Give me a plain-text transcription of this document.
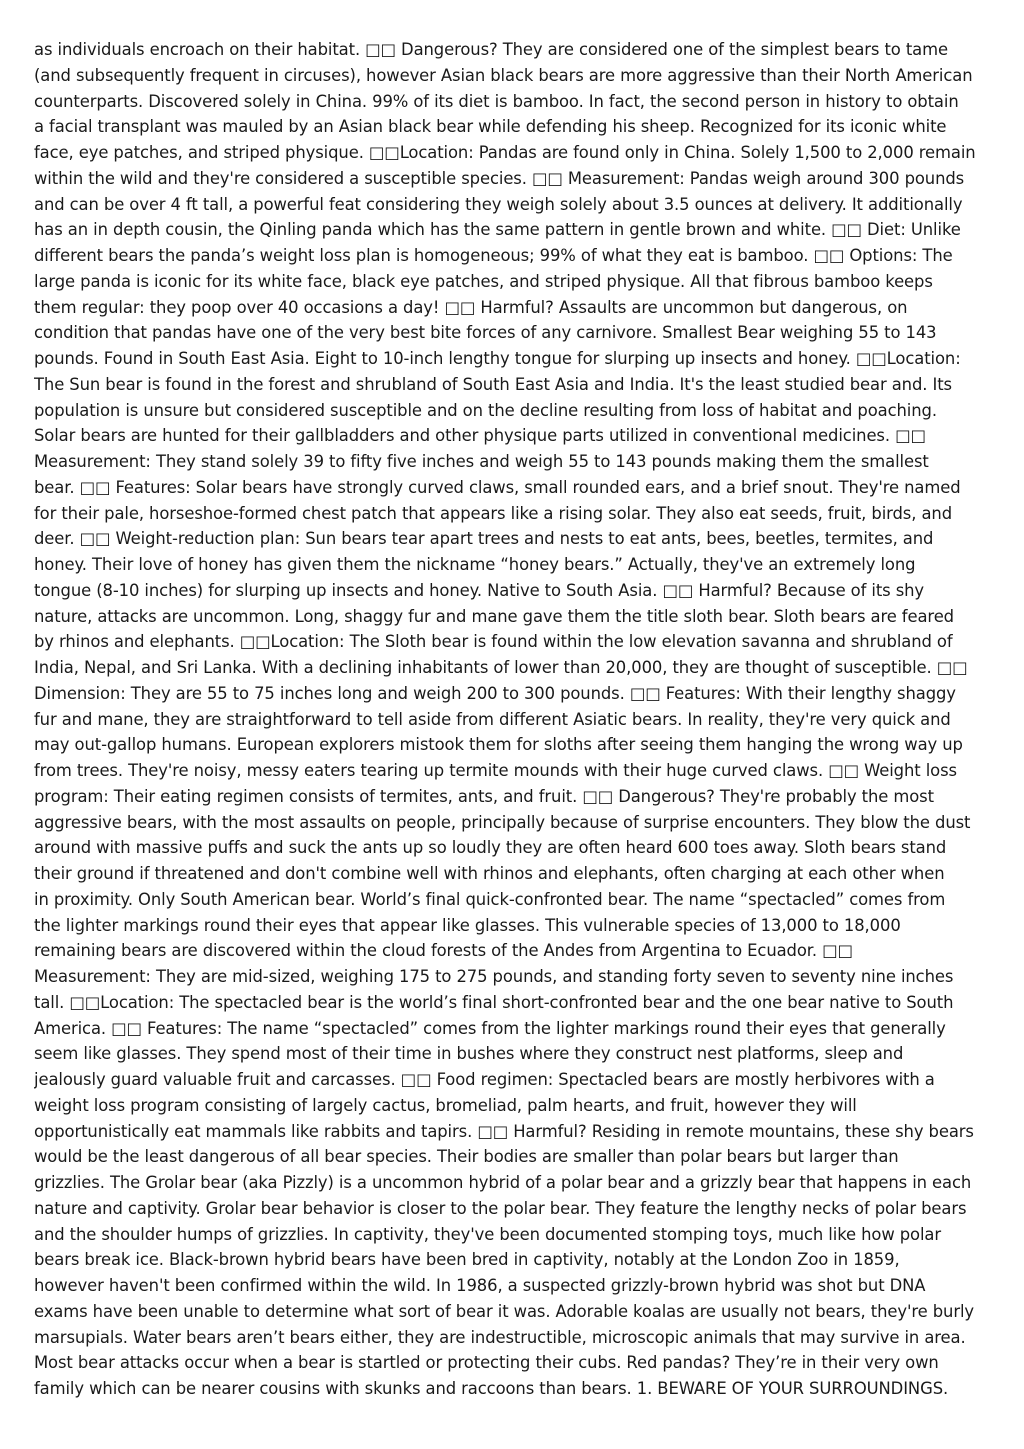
as individuals encroach on their habitat. □□ Dangerous? They are considered one of the simplest bears to tame
(and subsequently frequent in circuses), however Asian black bears are more aggressive than their North American
counterparts. Discovered solely in China. 99% of its diet is bamboo. In fact, the second person in history to obtain
a facial transplant was mauled by an Asian black bear while defending his sheep. Recognized for its iconic white
face, eye patches, and striped physique. □□Location: Pandas are found only in China. Solely 1,500 to 2,000 remain
within the wild and they're considered a susceptible species. □□ Measurement: Pandas weigh around 300 pounds
and can be over 4 ft tall, a powerful feat considering they weigh solely about 3.5 ounces at delivery. It additionally
has an in depth cousin, the Qinling panda which has the same pattern in gentle brown and white. □□ Diet: Unlike
different bears the panda’s weight loss plan is homogeneous; 99% of what they eat is bamboo. □□ Options: The
large panda is iconic for its white face, black eye patches, and striped physique. All that fibrous bamboo keeps
them regular: they poop over 40 occasions a day! □□ Harmful? Assaults are uncommon but dangerous, on
condition that pandas have one of the very best bite forces of any carnivore. Smallest Bear weighing 55 to 143
pounds. Found in South East Asia. Eight to 10-inch lengthy tongue for slurping up insects and honey. □□Location:
The Sun bear is found in the forest and shrubland of South East Asia and India. It's the least studied bear and. Its
population is unsure but considered susceptible and on the decline resulting from loss of habitat and poaching.
Solar bears are hunted for their gallbladders and other physique parts utilized in conventional medicines. □□
Measurement: They stand solely 39 to fifty five inches and weigh 55 to 143 pounds making them the smallest
bear. □□ Features: Solar bears have strongly curved claws, small rounded ears, and a brief snout. They're named
for their pale, horseshoe-formed chest patch that appears like a rising solar. They also eat seeds, fruit, birds, and
deer. □□ Weight-reduction plan: Sun bears tear apart trees and nests to eat ants, bees, beetles, termites, and
honey. Their love of honey has given them the nickname “honey bears.” Actually, they've an extremely long
tongue (8-10 inches) for slurping up insects and honey. Native to South Asia. □□ Harmful? Because of its shy
nature, attacks are uncommon. Long, shaggy fur and mane gave them the title sloth bear. Sloth bears are feared
by rhinos and elephants. □□Location: The Sloth bear is found within the low elevation savanna and shrubland of
India, Nepal, and Sri Lanka. With a declining inhabitants of lower than 20,000, they are thought of susceptible. □□
Dimension: They are 55 to 75 inches long and weigh 200 to 300 pounds. □□ Features: With their lengthy shaggy
fur and mane, they are straightforward to tell aside from different Asiatic bears. In reality, they're very quick and
may out-gallop humans. European explorers mistook them for sloths after seeing them hanging the wrong way up
from trees. They're noisy, messy eaters tearing up termite mounds with their huge curved claws. □□ Weight loss
program: Their eating regimen consists of termites, ants, and fruit. □□ Dangerous? They're probably the most
aggressive bears, with the most assaults on people, principally because of surprise encounters. They blow the dust
around with massive puffs and suck the ants up so loudly they are often heard 600 toes away. Sloth bears stand
their ground if threatened and don't combine well with rhinos and elephants, often charging at each other when
in proximity. Only South American bear. World’s final quick-confronted bear. The name “spectacled” comes from
the lighter markings round their eyes that appear like glasses. This vulnerable species of 13,000 to 18,000
remaining bears are discovered within the cloud forests of the Andes from Argentina to Ecuador. □□
Measurement: They are mid-sized, weighing 175 to 275 pounds, and standing forty seven to seventy nine inches
tall. □□Location: The spectacled bear is the world’s final short-confronted bear and the one bear native to South
America. □□ Features: The name “spectacled” comes from the lighter markings round their eyes that generally
seem like glasses. They spend most of their time in bushes where they construct nest platforms, sleep and
jealously guard valuable fruit and carcasses. □□ Food regimen: Spectacled bears are mostly herbivores with a
weight loss program consisting of largely cactus, bromeliad, palm hearts, and fruit, however they will
opportunistically eat mammals like rabbits and tapirs. □□ Harmful? Residing in remote mountains, these shy bears
would be the least dangerous of all bear species. Their bodies are smaller than polar bears but larger than
grizzlies. The Grolar bear (aka Pizzly) is a uncommon hybrid of a polar bear and a grizzly bear that happens in each
nature and captivity. Grolar bear behavior is closer to the polar bear. They feature the lengthy necks of polar bears
and the shoulder humps of grizzlies. In captivity, they've been documented stomping toys, much like how polar
bears break ice. Black-brown hybrid bears have been bred in captivity, notably at the London Zoo in 1859,
however haven't been confirmed within the wild. In 1986, a suspected grizzly-brown hybrid was shot but DNA
exams have been unable to determine what sort of bear it was. Adorable koalas are usually not bears, they're burly
marsupials. Water bears aren’t bears either, they are indestructible, microscopic animals that may survive in area.
Most bear attacks occur when a bear is startled or protecting their cubs. Red pandas? They’re in their very own
family which can be nearer cousins with skunks and raccoons than bears. 1. BEWARE OF YOUR SURROUNDINGS.
